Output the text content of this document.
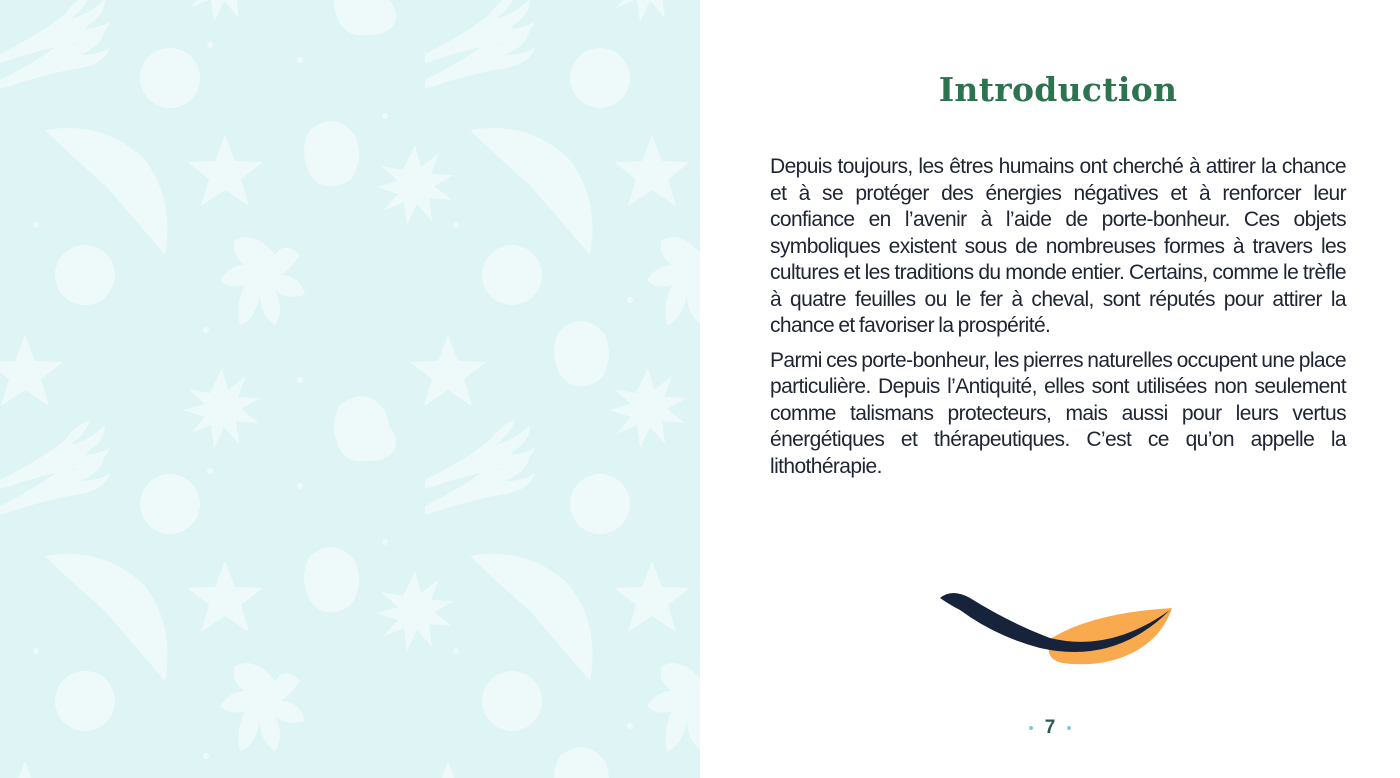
Introduction

Depuis toujours, les êtres humains ont cherché à attirer la chance et à se protéger des énergies négatives et à renforcer leur confiance en l’avenir à l’aide de porte-bonheur. Ces objets symboliques existent sous de nombreuses formes à travers les cultures et les traditions du monde entier. Certains, comme le trèfle à quatre feuilles ou le fer à cheval, sont réputés pour attirer la chance et favoriser la prospérité.

Parmi ces porte-bonheur, les pierres naturelles occupent une place particulière. Depuis l’Antiquité, elles sont utilisées non seulement comme talismans protecteurs, mais aussi pour leurs vertus énergétiques et thérapeutiques. C’est ce qu’on appelle la lithothérapie.

7
